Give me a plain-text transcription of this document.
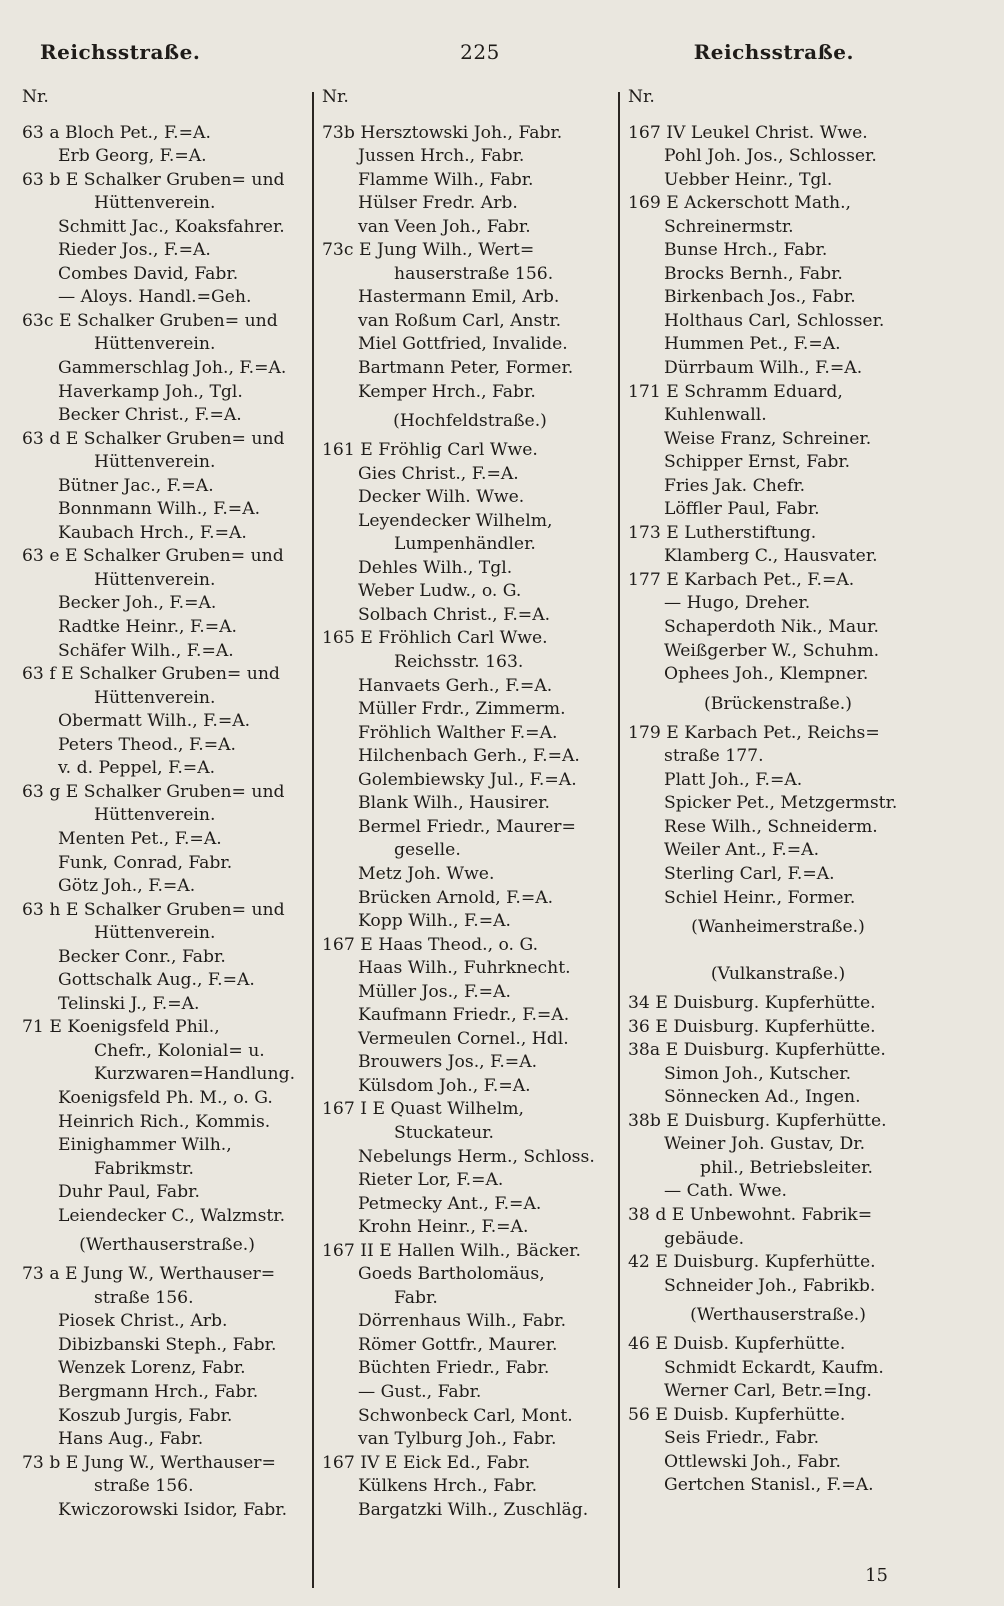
Reichsstraße.	225	Reichsstraße.
Nr.
63 a Bloch Pet., F.=A.
Erb Georg, F.=A.
63 b E Schalker Gruben= und
Hüttenverein.
Schmitt Jac., Koaksfahrer.
Rieder Jos., F.=A.
Combes David, Fabr.
— Aloys. Handl.=Geh.
63c E Schalker Gruben= und
Hüttenverein.
Gammerschlag Joh., F.=A.
Haverkamp Joh., Tgl.
Becker Christ., F.=A.
63 d E Schalker Gruben= und
Hüttenverein.
Bütner Jac., F.=A.
Bonnmann Wilh., F.=A.
Kaubach Hrch., F.=A.
63 e E Schalker Gruben= und
Hüttenverein.
Becker Joh., F.=A.
Radtke Heinr., F.=A.
Schäfer Wilh., F.=A.
63 f E Schalker Gruben= und
Hüttenverein.
Obermatt Wilh., F.=A.
Peters Theod., F.=A.
v. d. Peppel, F.=A.
63 g E Schalker Gruben= und
Hüttenverein.
Menten Pet., F.=A.
Funk, Conrad, Fabr.
Götz Joh., F.=A.
63 h E Schalker Gruben= und
Hüttenverein.
Becker Conr., Fabr.
Gottschalk Aug., F.=A.
Telinski J., F.=A.
71 E Koenigsfeld Phil.,
Chefr., Kolonial= u.
Kurzwaren=Handlung.
Koenigsfeld Ph. M., o. G.
Heinrich Rich., Kommis.
Einighammer Wilh.,
Fabrikmstr.
Duhr Paul, Fabr.
Leiendecker C., Walzmstr.
(Werthauserstraße.)
73 a E Jung W., Werthauser=
straße 156.
Piosek Christ., Arb.
Dibizbanski Steph., Fabr.
Wenzek Lorenz, Fabr.
Bergmann Hrch., Fabr.
Koszub Jurgis, Fabr.
Hans Aug., Fabr.
73 b E Jung W., Werthauser=
straße 156.
Kwiczorowski Isidor, Fabr.
Nr.
73b Hersztowski Joh., Fabr.
Jussen Hrch., Fabr.
Flamme Wilh., Fabr.
Hülser Fredr. Arb.
van Veen Joh., Fabr.
73c E Jung Wilh., Wert=
hauserstraße 156.
Hastermann Emil, Arb.
van Roßum Carl, Anstr.
Miel Gottfried, Invalide.
Bartmann Peter, Former.
Kemper Hrch., Fabr.
(Hochfeldstraße.)
161 E Fröhlig Carl Wwe.
Gies Christ., F.=A.
Decker Wilh. Wwe.
Leyendecker Wilhelm,
Lumpenhändler.
Dehles Wilh., Tgl.
Weber Ludw., o. G.
Solbach Christ., F.=A.
165 E Fröhlich Carl Wwe.
Reichsstr. 163.
Hanvaets Gerh., F.=A.
Müller Frdr., Zimmerm.
Fröhlich Walther F.=A.
Hilchenbach Gerh., F.=A.
Golembiewsky Jul., F.=A.
Blank Wilh., Hausirer.
Bermel Friedr., Maurer=
geselle.
Metz Joh. Wwe.
Brücken Arnold, F.=A.
Kopp Wilh., F.=A.
167 E Haas Theod., o. G.
Haas Wilh., Fuhrknecht.
Müller Jos., F.=A.
Kaufmann Friedr., F.=A.
Vermeulen Cornel., Hdl.
Brouwers Jos., F.=A.
Külsdom Joh., F.=A.
167 I E Quast Wilhelm,
Stuckateur.
Nebelungs Herm., Schloss.
Rieter Lor, F.=A.
Petmecky Ant., F.=A.
Krohn Heinr., F.=A.
167 II E Hallen Wilh., Bäcker.
Goeds Bartholomäus,
Fabr.
Dörrenhaus Wilh., Fabr.
Römer Gottfr., Maurer.
Büchten Friedr., Fabr.
— Gust., Fabr.
Schwonbeck Carl, Mont.
van Tylburg Joh., Fabr.
167 IV E Eick Ed., Fabr.
Külkens Hrch., Fabr.
Bargatzki Wilh., Zuschläg.
Nr.
167 IV Leukel Christ. Wwe.
Pohl Joh. Jos., Schlosser.
Uebber Heinr., Tgl.
169 E Ackerschott Math.,
Schreinermstr.
Bunse Hrch., Fabr.
Brocks Bernh., Fabr.
Birkenbach Jos., Fabr.
Holthaus Carl, Schlosser.
Hummen Pet., F.=A.
Dürrbaum Wilh., F.=A.
171 E Schramm Eduard,
Kuhlenwall.
Weise Franz, Schreiner.
Schipper Ernst, Fabr.
Fries Jak. Chefr.
Löffler Paul, Fabr.
173 E Lutherstiftung.
Klamberg C., Hausvater.
177 E Karbach Pet., F.=A.
— Hugo, Dreher.
Schaperdoth Nik., Maur.
Weißgerber W., Schuhm.
Ophees Joh., Klempner.
(Brückenstraße.)
179 E Karbach Pet., Reichs=
straße 177.
Platt Joh., F.=A.
Spicker Pet., Metzgermstr.
Rese Wilh., Schneiderm.
Weiler Ant., F.=A.
Sterling Carl, F.=A.
Schiel Heinr., Former.
(Wanheimerstraße.)
(Vulkanstraße.)
34 E Duisburg. Kupferhütte.
36 E Duisburg. Kupferhütte.
38a E Duisburg. Kupferhütte.
Simon Joh., Kutscher.
Sönnecken Ad., Ingen.
38b E Duisburg. Kupferhütte.
Weiner Joh. Gustav, Dr.
phil., Betriebsleiter.
— Cath. Wwe.
38 d E Unbewohnt. Fabrik=
gebäude.
42 E Duisburg. Kupferhütte.
Schneider Joh., Fabrikb.
(Werthauserstraße.)
46 E Duisb. Kupferhütte.
Schmidt Eckardt, Kaufm.
Werner Carl, Betr.=Ing.
56 E Duisb. Kupferhütte.
Seis Friedr., Fabr.
Ottlewski Joh., Fabr.
Gertchen Stanisl., F.=A.
15
